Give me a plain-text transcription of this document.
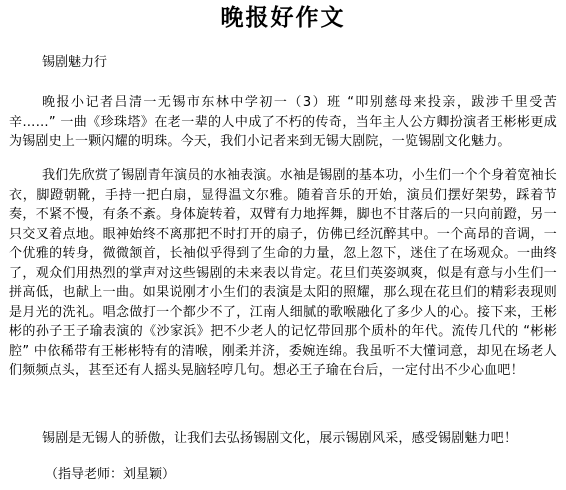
晚报好作文
锡剧魅力行

晚报小记者吕清一无锡市东林中学初一（3）班 “叩别慈母来投亲，跋涉千里受苦辛……” 一曲《珍珠塔》在老一辈的人中成了不朽的传奇，当年主人公方卿扮演者王彬彬更成为锡剧史上一颗闪耀的明珠。今天，我们小记者来到无锡大剧院，一览锡剧文化魅力。

我们先欣赏了锡剧青年演员的水袖表演。水袖是锡剧的基本功，小生们一个个身着宽袖长衣，脚蹬朝靴，手持一把白扇，显得温文尔雅。随着音乐的开始，演员们摆好架势，踩着节奏，不紧不慢，有条不紊。身体旋转着，双臂有力地挥舞，脚也不甘落后的一只向前蹬，另一只交叉着点地。眼神始终不离那把不时打开的扇子，仿佛已经沉醉其中。一个高昂的音调，一个优雅的转身，微微颔首，长袖似乎得到了生命的力量，忽上忽下，迷住了在场观众。一曲终了，观众们用热烈的掌声对这些锡剧的未来表以肯定。花旦们英姿飒爽，似是有意与小生们一拼高低，也献上一曲。如果说刚才小生们的表演是太阳的照耀，那么现在花旦们的精彩表现则是月光的洗礼。唱念做打一个都少不了，江南人细腻的歌喉融化了多少人的心。接下来，王彬彬的孙子王子瑜表演的《沙家浜》把不少老人的记忆带回那个质朴的年代。流传几代的 “彬彬腔” 中依稀带有王彬彬特有的清喉，刚柔并济，委婉连绵。我虽听不大懂词意，却见在场老人们频频点头，甚至还有人摇头晃脑轻哼几句。想必王子瑜在台后，一定付出不少心血吧！

锡剧是无锡人的骄傲，让我们去弘扬锡剧文化，展示锡剧风采，感受锡剧魅力吧！

（指导老师：刘星颖）
